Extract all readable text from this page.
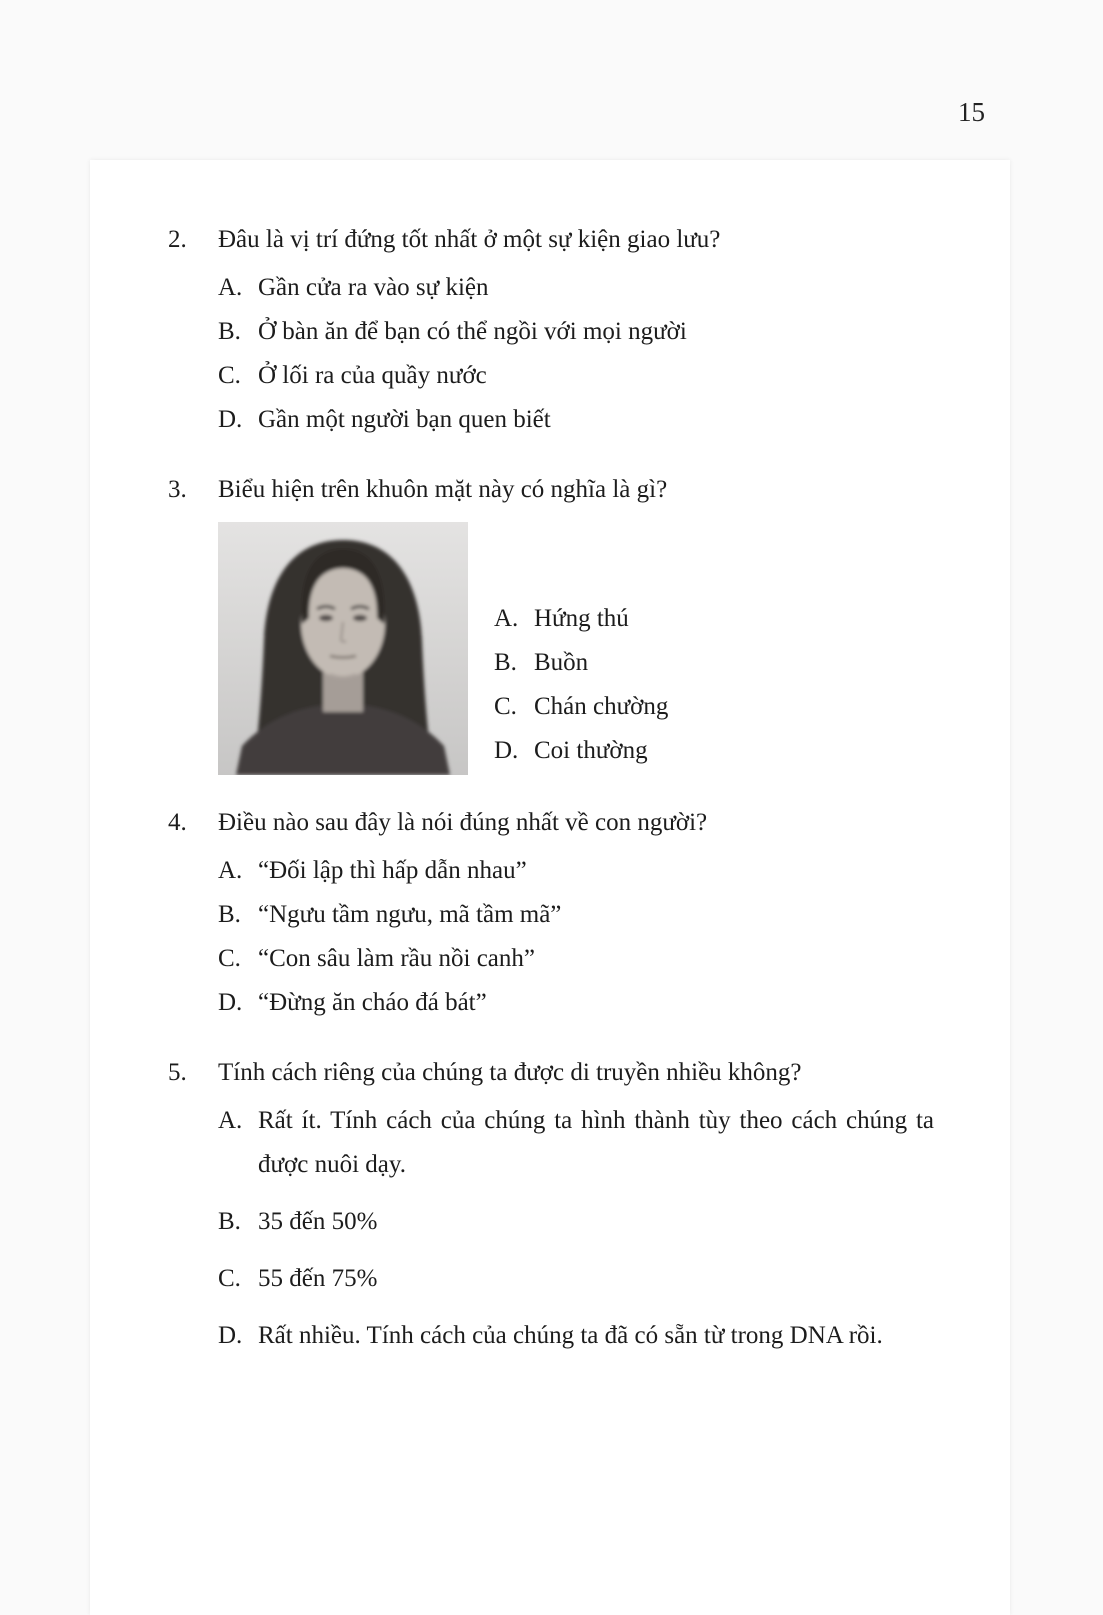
15
2.	Đâu là vị trí đứng tốt nhất ở một sự kiện giao lưu?
A. Gần cửa ra vào sự kiện
B. Ở bàn ăn để bạn có thể ngồi với mọi người
C. Ở lối ra của quầy nước
D. Gần một người bạn quen biết
3.	Biểu hiện trên khuôn mặt này có nghĩa là gì?
A. Hứng thú
B. Buồn
C. Chán chường
D. Coi thường
4.	Điều nào sau đây là nói đúng nhất về con người?
A. “Đối lập thì hấp dẫn nhau”
B. “Ngưu tầm ngưu, mã tầm mã”
C. “Con sâu làm rầu nồi canh”
D. “Đừng ăn cháo đá bát”
5.	Tính cách riêng của chúng ta được di truyền nhiều không?
A. Rất ít. Tính cách của chúng ta hình thành tùy theo cách chúng ta được nuôi dạy.
B. 35 đến 50%
C. 55 đến 75%
D. Rất nhiều. Tính cách của chúng ta đã có sẵn từ trong DNA rồi.
